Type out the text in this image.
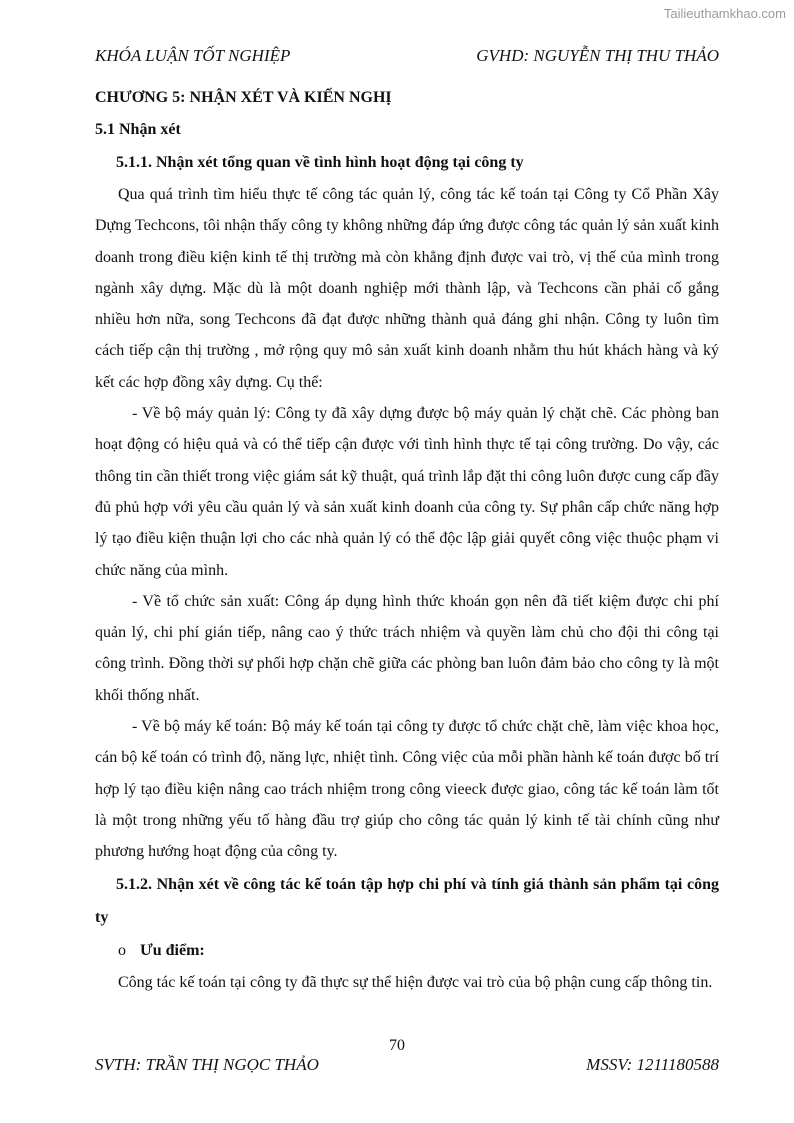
Tailieuthamkhao.com
KHÓA LUẬN TỐT NGHIỆP	GVHD: NGUYỄN THỊ THU THẢO
CHƯƠNG 5: NHẬN XÉT VÀ KIẾN NGHỊ
5.1 Nhận xét
5.1.1. Nhận xét tổng quan về tình hình hoạt động tại công ty

Qua quá trình tìm hiểu thực tế công tác quản lý, công tác kế toán tại Công ty Cổ Phần Xây Dựng Techcons, tôi nhận thấy công ty không những đáp ứng được công tác quản lý sản xuất kinh doanh trong điều kiện kinh tế thị trường mà còn khẳng định được vai trò, vị thế của mình trong ngành xây dựng. Mặc dù là một doanh nghiệp mới thành lập, và Techcons cần phải cố gắng nhiều hơn nữa, song Techcons đã đạt được những thành quả đáng ghi nhận. Công ty luôn tìm cách tiếp cận thị trường , mở rộng quy mô sản xuất kinh doanh nhằm thu hút khách hàng và ký kết các hợp đồng xây dựng. Cụ thể:

- Về bộ máy quản lý: Công ty đã xây dựng được bộ máy quản lý chặt chẽ. Các phòng ban hoạt động có hiệu quả và có thể tiếp cận được với tình hình thực tế tại công trường. Do vậy, các thông tin cần thiết trong việc giám sát kỹ thuật, quá trình lắp đặt thi công luôn được cung cấp đầy đủ phủ hợp với yêu cầu quản lý và sản xuất kinh doanh của công ty. Sự phân cấp chức năng hợp lý tạo điều kiện thuận lợi cho các nhà quản lý có thể độc lập giải quyết công việc thuộc phạm vi chức năng của mình.

- Về tổ chức sản xuất: Công áp dụng hình thức khoán gọn nên đã tiết kiệm được chi phí quản lý, chi phí gián tiếp, nâng cao ý thức trách nhiệm và quyền làm chủ cho đội thi công tại công trình. Đồng thời sự phối hợp chặn chẽ giữa các phòng ban luôn đảm bảo cho công ty là một khối thống nhất.

- Về bộ máy kế toán: Bộ máy kế toán tại công ty được tổ chức chặt chẽ, làm việc khoa học, cán bộ kế toán có trình độ, năng lực, nhiệt tình. Công việc của mỗi phần hành kế toán được bố trí hợp lý tạo điều kiện nâng cao trách nhiệm trong công vieeck được giao, công tác kế toán làm tốt là một trong những yếu tố hàng đầu trợ giúp cho công tác quản lý kinh tế tài chính cũng như phương hướng hoạt động của công ty.

5.1.2. Nhận xét về công tác kế toán tập hợp chi phí và tính giá thành sản phẩm tại công ty
o Ưu điểm:

Công tác kế toán tại công ty đã thực sự thể hiện được vai trò của bộ phận cung cấp thông tin.

70
SVTH: TRẦN THỊ NGỌC THẢO	MSSV: 1211180588
